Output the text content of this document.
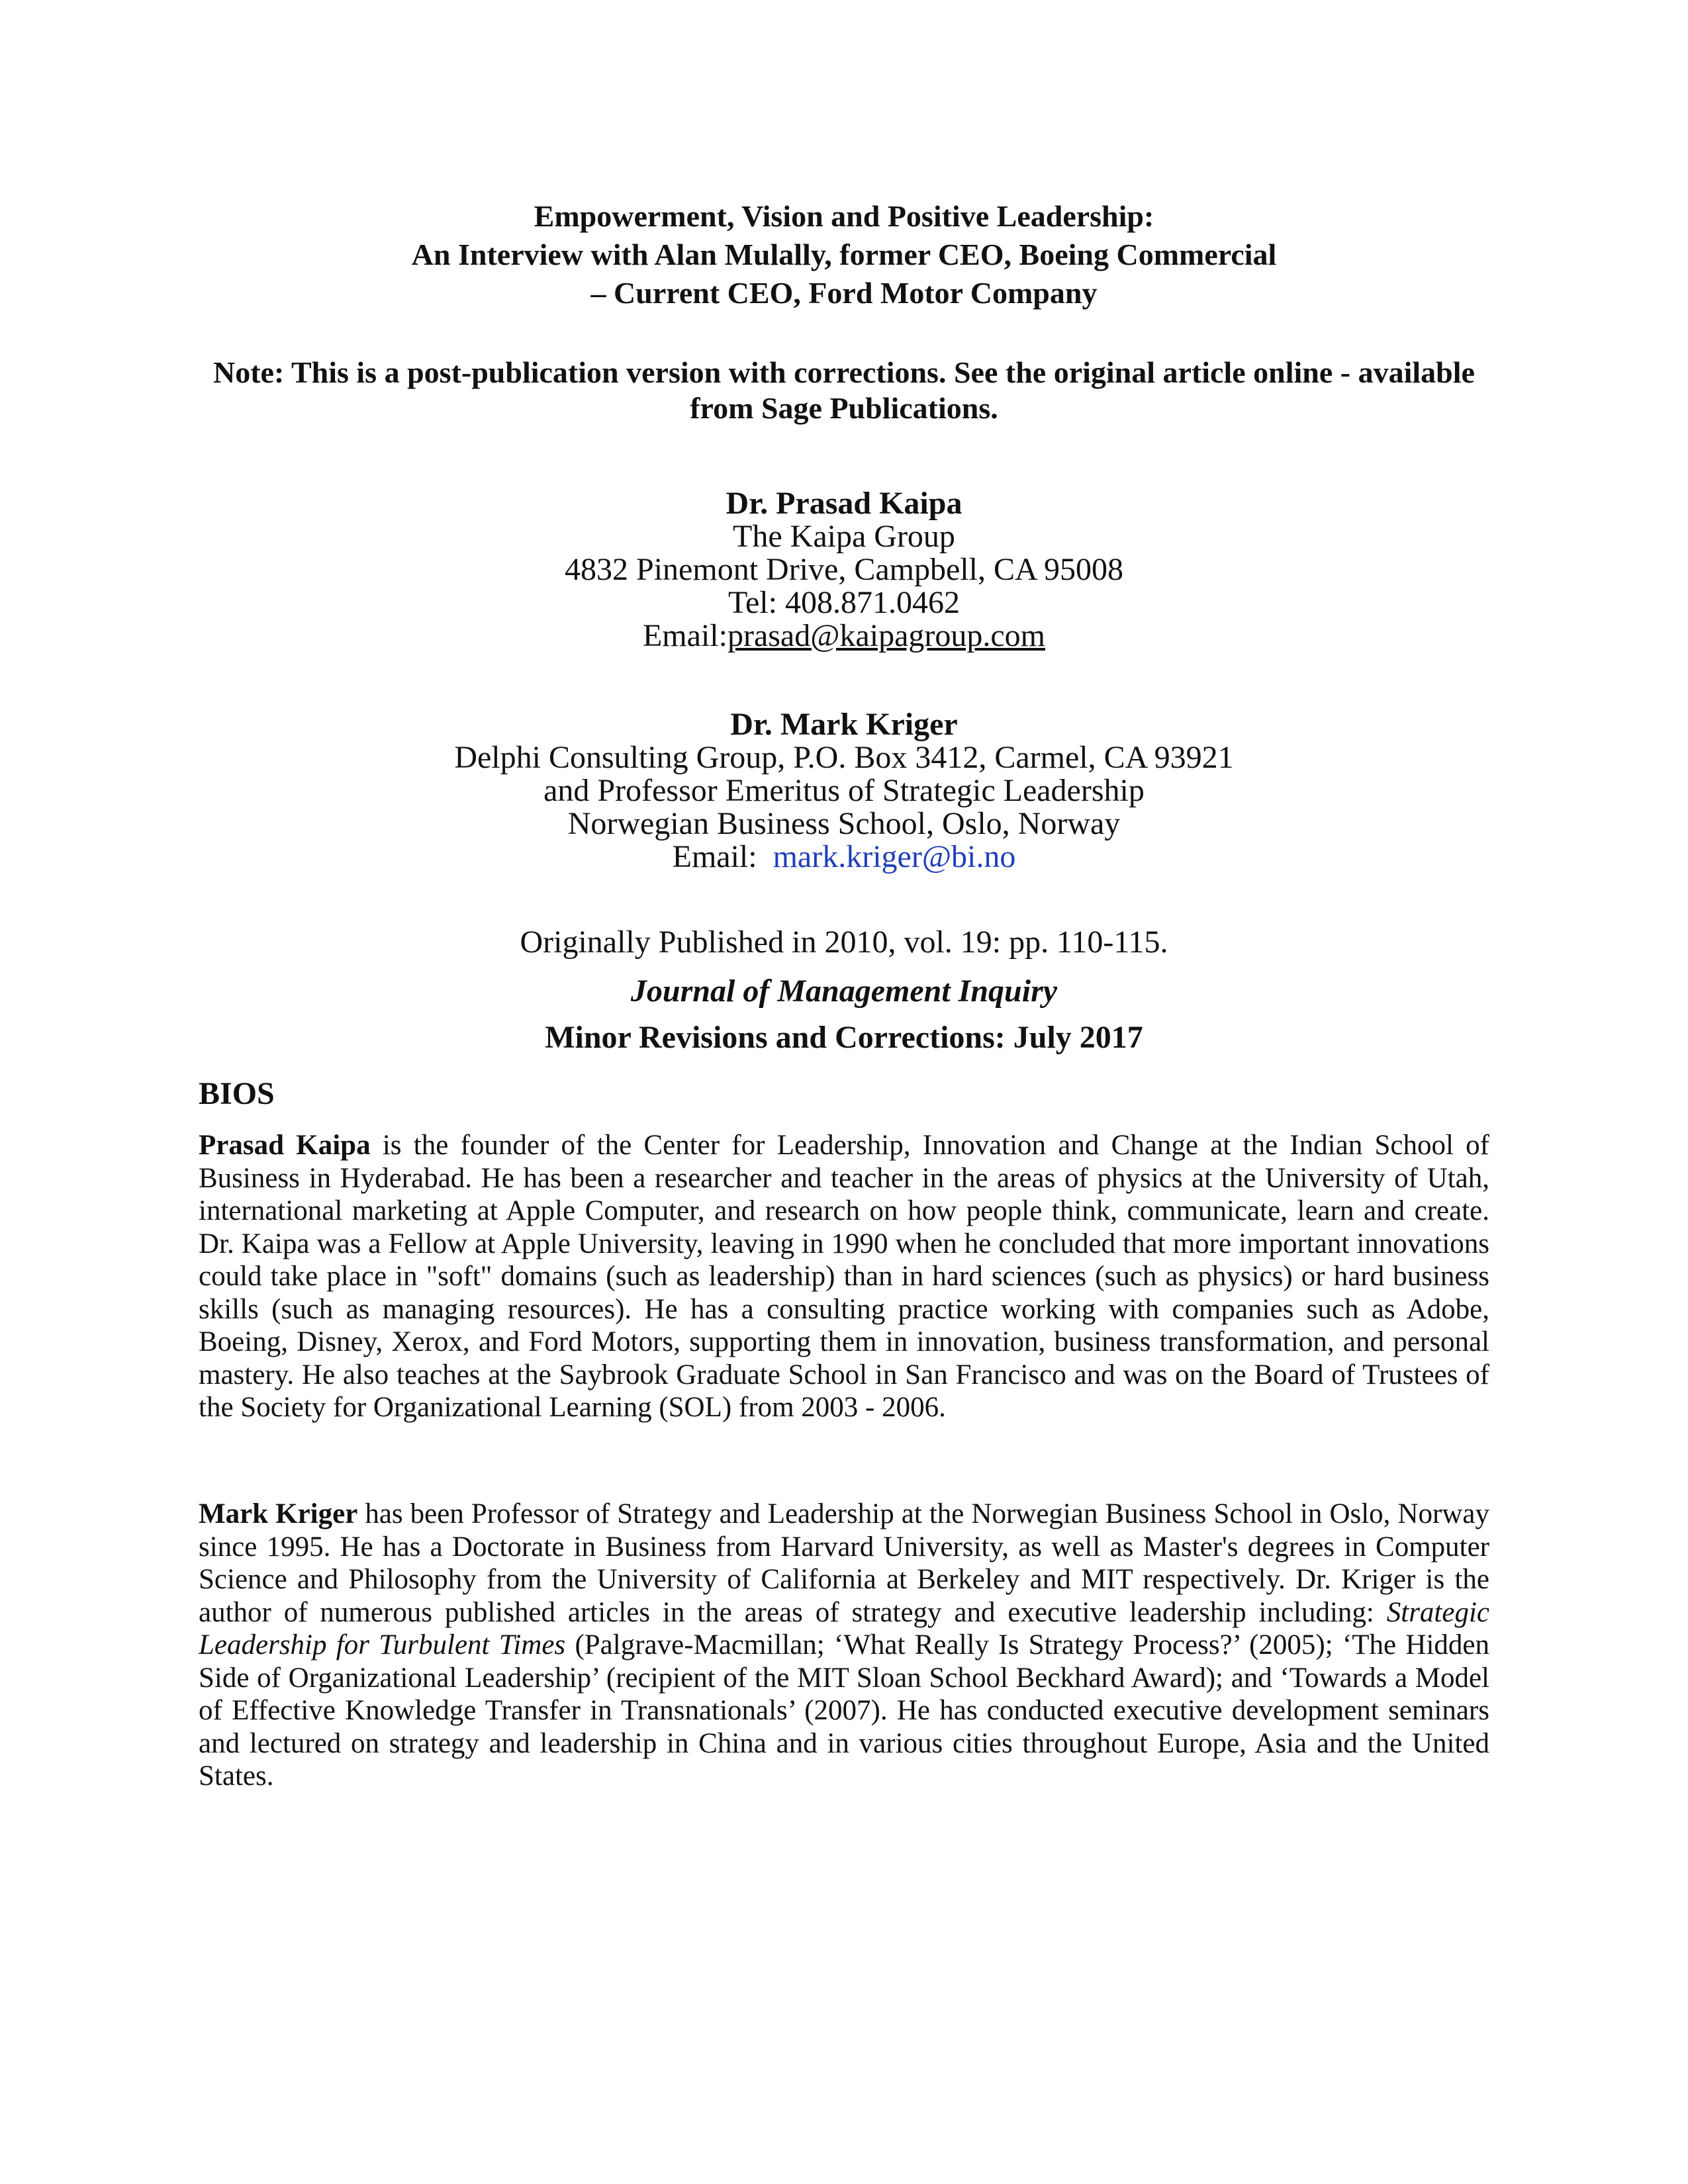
Empowerment, Vision and Positive Leadership:
An Interview with Alan Mulally, former CEO, Boeing Commercial
– Current CEO, Ford Motor Company
Note: This is a post-publication version with corrections. See the original article online - available from Sage Publications.
Dr. Prasad Kaipa
The Kaipa Group
4832 Pinemont Drive, Campbell, CA 95008
Tel: 408.871.0462
Email:prasad@kaipagroup.com
Dr. Mark Kriger
Delphi Consulting Group, P.O. Box 3412, Carmel, CA 93921
and Professor Emeritus of Strategic Leadership
Norwegian Business School, Oslo, Norway
Email:  mark.kriger@bi.no
Originally Published in 2010, vol. 19: pp. 110-115.
Journal of Management Inquiry
Minor Revisions and Corrections: July 2017
BIOS
Prasad Kaipa is the founder of the Center for Leadership, Innovation and Change at the Indian School of Business in Hyderabad. He has been a researcher and teacher in the areas of physics at the University of Utah, international marketing at Apple Computer, and research on how people think, communicate, learn and create. Dr. Kaipa was a Fellow at Apple University, leaving in 1990 when he concluded that more important innovations could take place in "soft" domains (such as leadership) than in hard sciences (such as physics) or hard business skills (such as managing resources). He has a consulting practice working with companies such as Adobe, Boeing, Disney, Xerox, and Ford Motors, supporting them in innovation, business transformation, and personal mastery. He also teaches at the Saybrook Graduate School in San Francisco and was on the Board of Trustees of the Society for Organizational Learning (SOL) from 2003 - 2006.
Mark Kriger has been Professor of Strategy and Leadership at the Norwegian Business School in Oslo, Norway since 1995. He has a Doctorate in Business from Harvard University, as well as Master's degrees in Computer Science and Philosophy from the University of California at Berkeley and MIT respectively. Dr. Kriger is the author of numerous published articles in the areas of strategy and executive leadership including: Strategic Leadership for Turbulent Times (Palgrave-Macmillan; ‘What Really Is Strategy Process?’ (2005); ‘The Hidden Side of Organizational Leadership’ (recipient of the MIT Sloan School Beckhard Award); and ‘Towards a Model of Effective Knowledge Transfer in Transnationals’ (2007). He has conducted executive development seminars and lectured on strategy and leadership in China and in various cities throughout Europe, Asia and the United States.
